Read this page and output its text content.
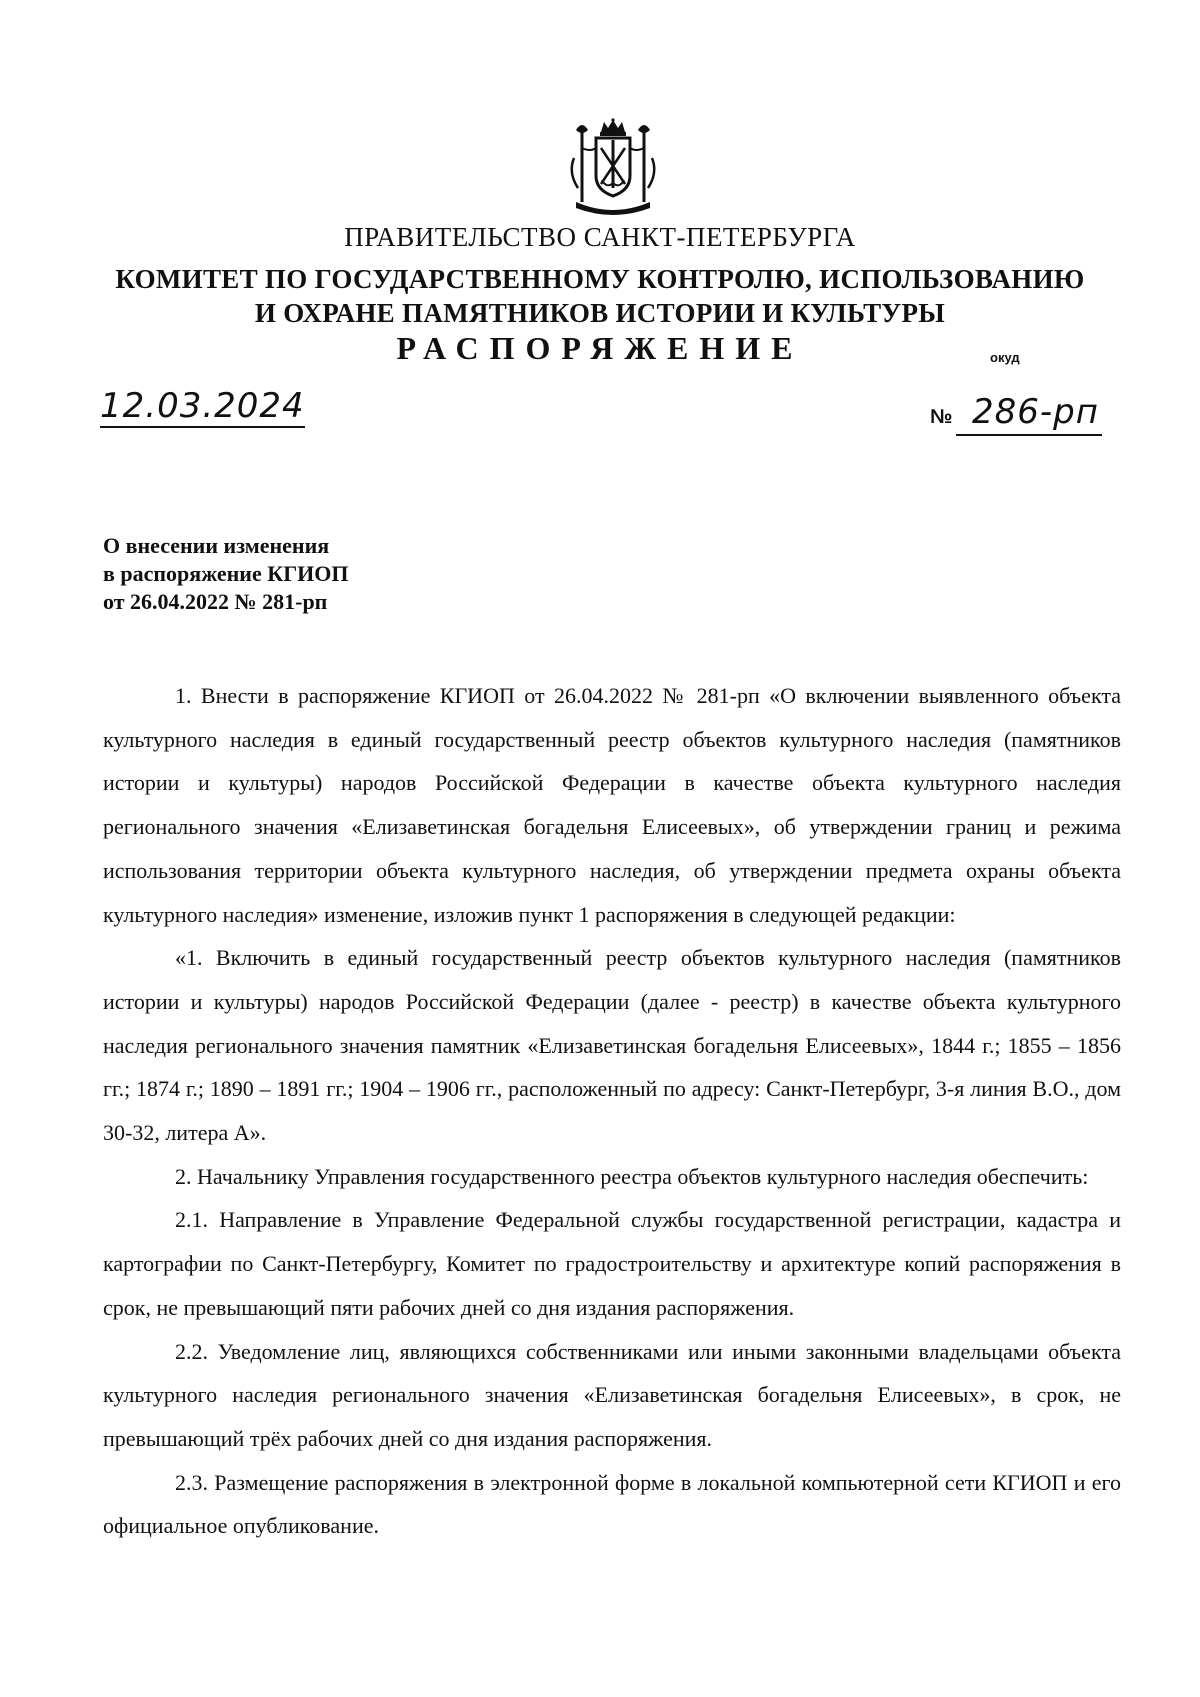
ПРАВИТЕЛЬСТВО САНКТ-ПЕТЕРБУРГА
КОМИТЕТ ПО ГОСУДАРСТВЕННОМУ КОНТРОЛЮ, ИСПОЛЬЗОВАНИЮ
И ОХРАНЕ ПАМЯТНИКОВ ИСТОРИИ И КУЛЬТУРЫ
РАСПОРЯЖЕНИЕ	окуд
12.03.2024	№ 286-рп
О внесении изменения
в распоряжение КГИОП
от 26.04.2022 № 281-рп

1. Внести в распоряжение КГИОП от 26.04.2022 № 281-рп «О включении выявленного объекта культурного наследия в единый государственный реестр объектов культурного наследия (памятников истории и культуры) народов Российской Федерации в качестве объекта культурного наследия регионального значения «Елизаветинская богадельня Елисеевых», об утверждении границ и режима использования территории объекта культурного наследия, об утверждении предмета охраны объекта культурного наследия» изменение, изложив пункт 1 распоряжения в следующей редакции:

«1. Включить в единый государственный реестр объектов культурного наследия (памятников истории и культуры) народов Российской Федерации (далее - реестр) в качестве объекта культурного наследия регионального значения памятник «Елизаветинская богадельня Елисеевых», 1844 г.; 1855 – 1856 гг.; 1874 г.; 1890 – 1891 гг.; 1904 – 1906 гг., расположенный по адресу: Санкт-Петербург, 3-я линия В.О., дом 30-32, литера А».

2. Начальнику Управления государственного реестра объектов культурного наследия обеспечить:

2.1. Направление в Управление Федеральной службы государственной регистрации, кадастра и картографии по Санкт-Петербургу, Комитет по градостроительству и архитектуре копий распоряжения в срок, не превышающий пяти рабочих дней со дня издания распоряжения.

2.2. Уведомление лиц, являющихся собственниками или иными законными владельцами объекта культурного наследия регионального значения «Елизаветинская богадельня Елисеевых», в срок, не превышающий трёх рабочих дней со дня издания распоряжения.

2.3. Размещение распоряжения в электронной форме в локальной компьютерной сети КГИОП и его официальное опубликование.
